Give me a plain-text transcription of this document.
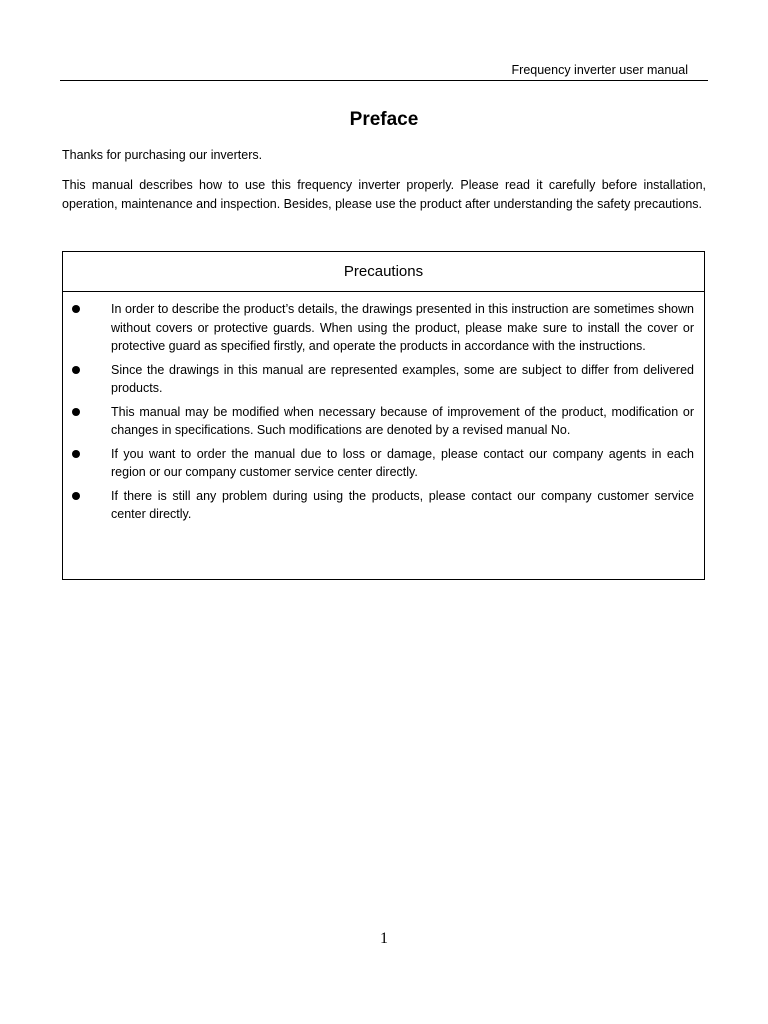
Frequency inverter user manual
Preface

Thanks for purchasing our inverters.

This manual describes how to use this frequency inverter properly. Please read it carefully before installation, operation, maintenance and inspection. Besides, please use the product after understanding the safety precautions.

Precautions
In order to describe the product’s details, the drawings presented in this instruction are sometimes shown without covers or protective guards. When using the product, please make sure to install the cover or protective guard as specified firstly, and operate the products in accordance with the instructions.
Since the drawings in this manual are represented examples, some are subject to differ from delivered products.
This manual may be modified when necessary because of improvement of the product, modification or changes in specifications. Such modifications are denoted by a revised manual No.
If you want to order the manual due to loss or damage, please contact our company agents in each region or our company customer service center directly.
If there is still any problem during using the products, please contact our company customer service center directly.
1
